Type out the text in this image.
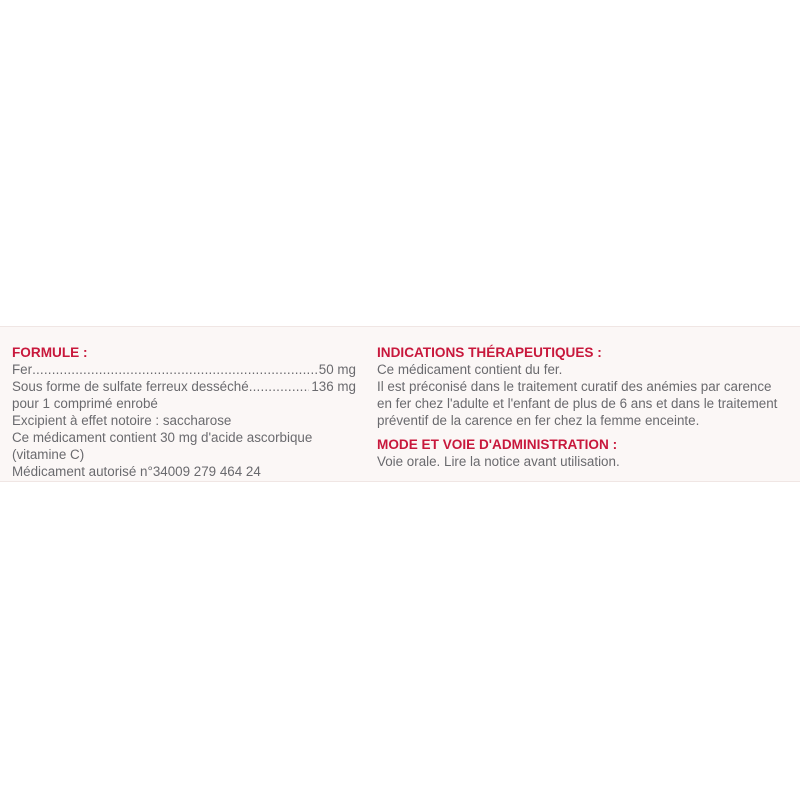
FORMULE :
Fer .....	50 mg
Sous forme de sulfate ferreux desséché .....	136 mg
pour 1 comprimé enrobé
Excipient à effet notoire : saccharose
Ce médicament contient 30 mg d'acide ascorbique
(vitamine C)
Médicament autorisé n°34009 279 464 24
INDICATIONS THÉRAPEUTIQUES :
Ce médicament contient du fer.
Il est préconisé dans le traitement curatif des anémies par carence
en fer chez l'adulte et l'enfant de plus de 6 ans et dans le traitement
préventif de la carence en fer chez la femme enceinte.
MODE ET VOIE D'ADMINISTRATION :
Voie orale. Lire la notice avant utilisation.
